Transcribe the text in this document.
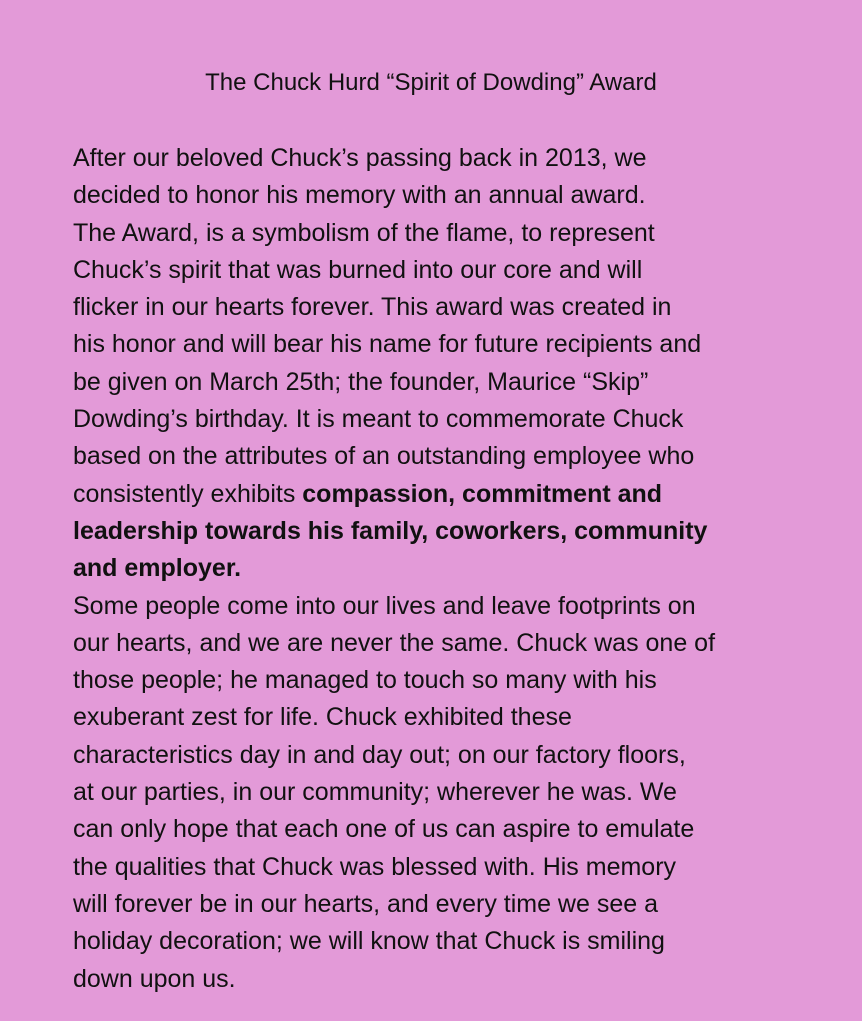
The Chuck Hurd “Spirit of Dowding” Award

After our beloved Chuck’s passing back in 2013, we
decided to honor his memory with an annual award.
The Award, is a symbolism of the flame, to represent
Chuck’s spirit that was burned into our core and will
flicker in our hearts forever. This award was created in
his honor and will bear his name for future recipients and
be given on March 25th; the founder, Maurice “Skip”
Dowding’s birthday. It is meant to commemorate Chuck
based on the attributes of an outstanding employee who
consistently exhibits compassion, commitment and
leadership towards his family, coworkers, community
and employer.

Some people come into our lives and leave footprints on
our hearts, and we are never the same. Chuck was one of
those people; he managed to touch so many with his
exuberant zest for life. Chuck exhibited these
characteristics day in and day out; on our factory floors,
at our parties, in our community; wherever he was. We
can only hope that each one of us can aspire to emulate
the qualities that Chuck was blessed with. His memory
will forever be in our hearts, and every time we see a
holiday decoration; we will know that Chuck is smiling
down upon us.
